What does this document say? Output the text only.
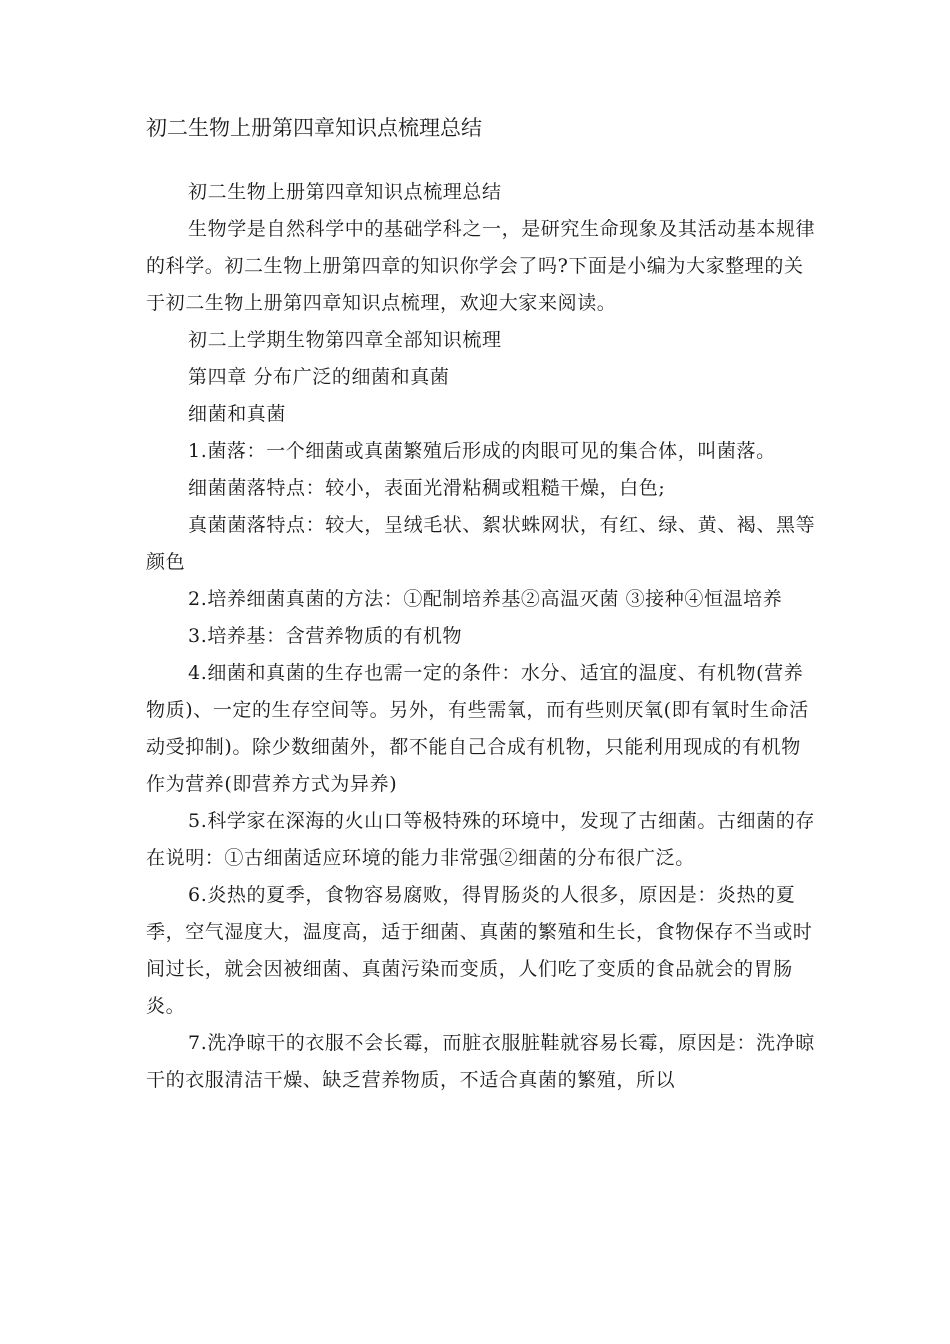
初二生物上册第四章知识点梳理总结

初二生物上册第四章知识点梳理总结

生物学是自然科学中的基础学科之一，是研究生命现象及其活动基本规律的科学。初二生物上册第四章的知识你学会了吗?下面是小编为大家整理的关于初二生物上册第四章知识点梳理，欢迎大家来阅读。

初二上学期生物第四章全部知识梳理

第四章 分布广泛的细菌和真菌

细菌和真菌

1.菌落：一个细菌或真菌繁殖后形成的肉眼可见的集合体，叫菌落。

细菌菌落特点：较小，表面光滑粘稠或粗糙干燥，白色;

真菌菌落特点：较大，呈绒毛状、絮状蛛网状，有红、绿、黄、褐、黑等颜色

2.培养细菌真菌的方法：①配制培养基②高温灭菌 ③接种④恒温培养

3.培养基：含营养物质的有机物

4.细菌和真菌的生存也需一定的条件：水分、适宜的温度、有机物(营养物质)、一定的生存空间等。另外，有些需氧，而有些则厌氧(即有氧时生命活动受抑制)。除少数细菌外，都不能自己合成有机物，只能利用现成的有机物作为营养(即营养方式为异养)

5.科学家在深海的火山口等极特殊的环境中，发现了古细菌。古细菌的存在说明：①古细菌适应环境的能力非常强②细菌的分布很广泛。

6.炎热的夏季，食物容易腐败，得胃肠炎的人很多，原因是：炎热的夏季，空气湿度大，温度高，适于细菌、真菌的繁殖和生长，食物保存不当或时间过长，就会因被细菌、真菌污染而变质，人们吃了变质的食品就会的胃肠炎。

7.洗净晾干的衣服不会长霉，而脏衣服脏鞋就容易长霉，原因是：洗净晾干的衣服清洁干燥、缺乏营养物质，不适合真菌的繁殖，所以
